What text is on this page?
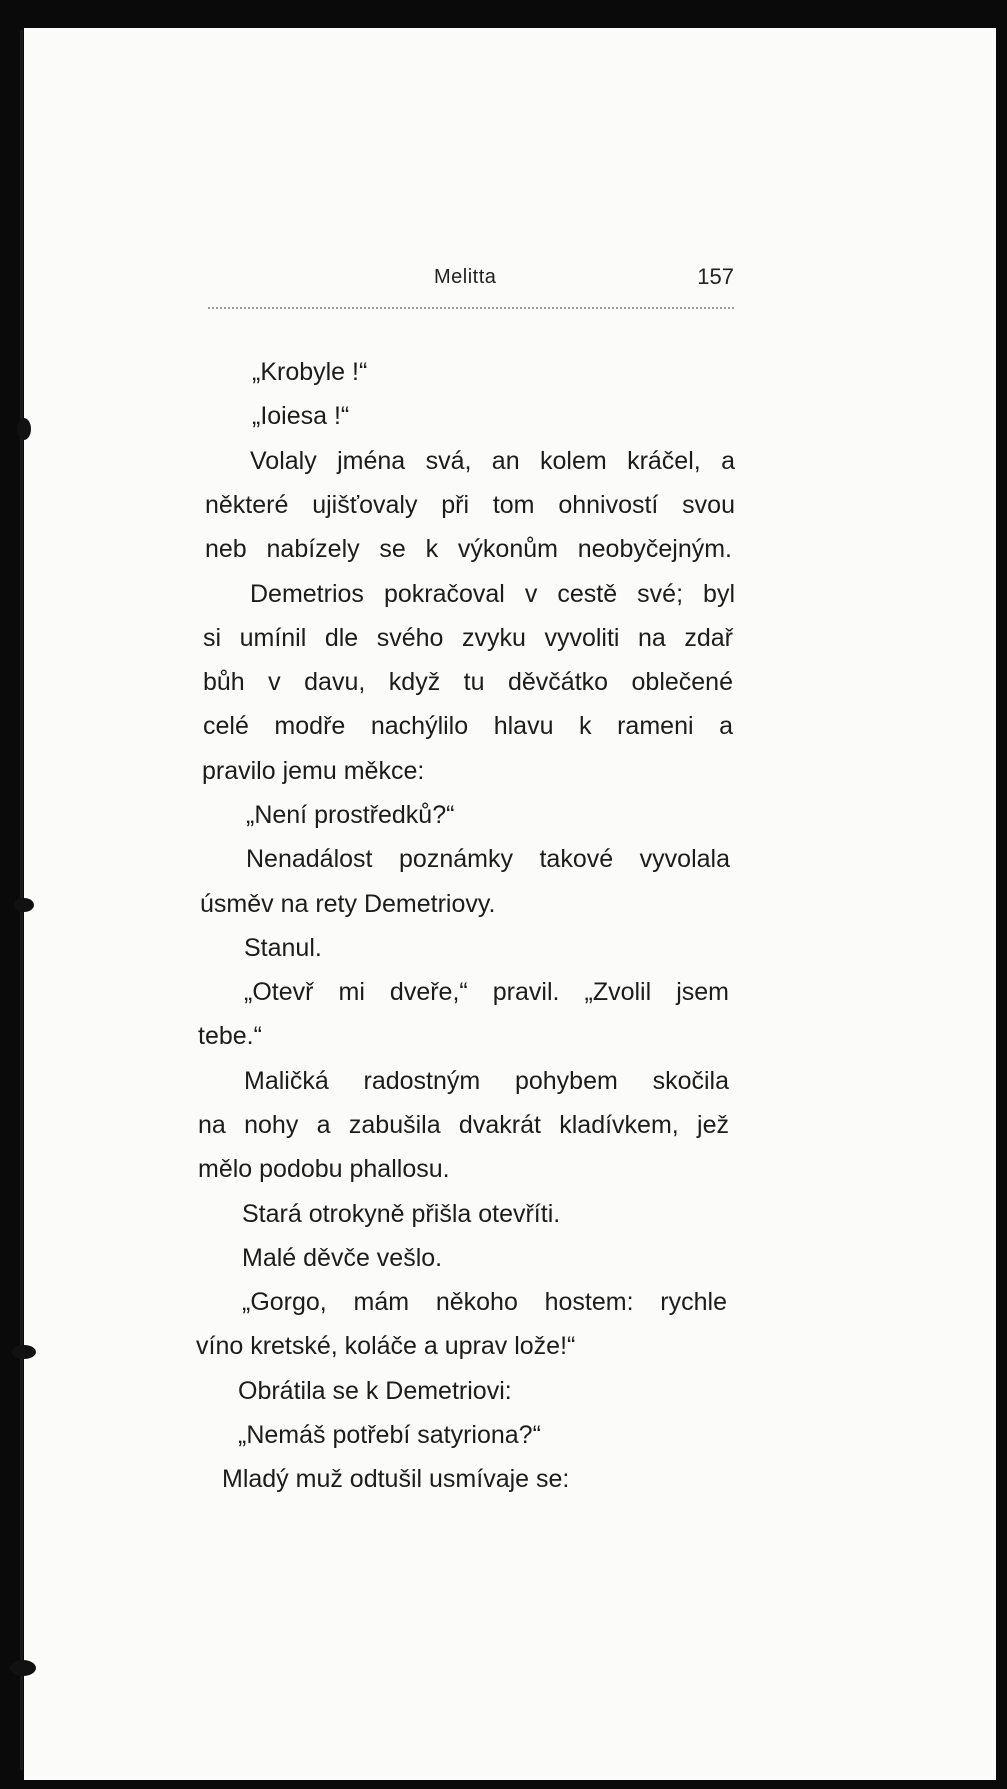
Melitta	157

„Krobyle !“

„Ioiesa !“

Volaly jména svá, an kolem kráčel, a

některé ujišťovaly při tom ohnivostí svou

neb nabízely se k výkonům neobyčejným.

Demetrios pokračoval v cestě své; byl

si umínil dle svého zvyku vyvoliti na zdař

bůh v davu, když tu děvčátko oblečené

celé modře nachýlilo hlavu k rameni a

pravilo jemu měkce:

„Není prostředků?“

Nenadálost poznámky takové vyvolala

úsměv na rety Demetriovy.

Stanul.

„Otevř mi dveře,“ pravil. „Zvolil jsem

tebe.“

Maličká radostným pohybem skočila

na nohy a zabušila dvakrát kladívkem, jež

mělo podobu phallosu.

Stará otrokyně přišla otevříti.

Malé děvče vešlo.

„Gorgo, mám někoho hostem: rychle

víno kretské, koláče a uprav lože!“

Obrátila se k Demetriovi:

„Nemáš potřebí satyriona?“

Mladý muž odtušil usmívaje se:
